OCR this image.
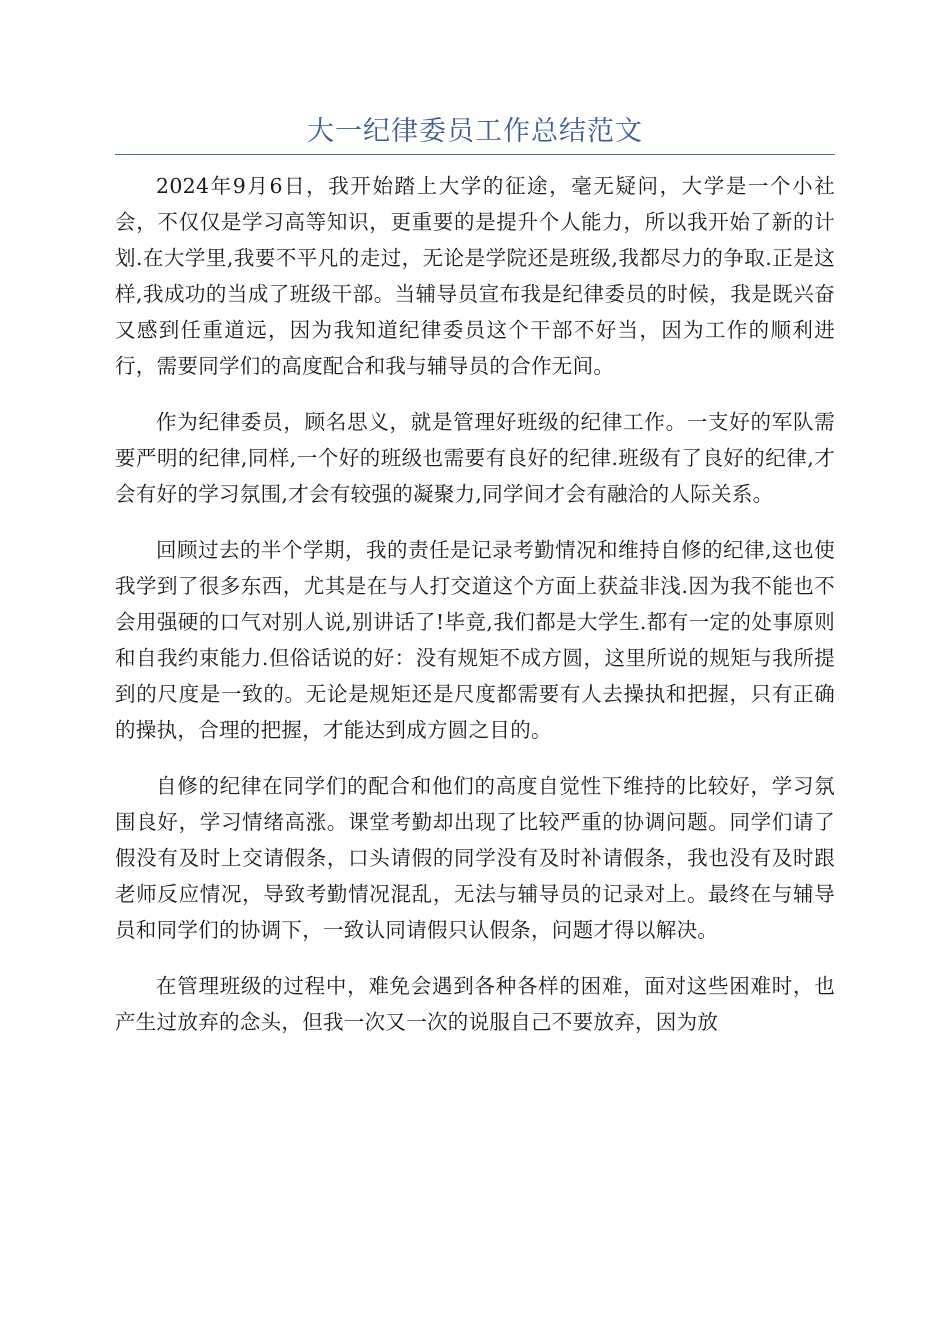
大一纪律委员工作总结范文

2024年9月6日，我开始踏上大学的征途，毫无疑问，大学是一个小社会，不仅仅是学习高等知识，更重要的是提升个人能力，所以我开始了新的计划.在大学里,我要不平凡的走过，无论是学院还是班级,我都尽力的争取.正是这样,我成功的当成了班级干部。当辅导员宣布我是纪律委员的时候，我是既兴奋又感到任重道远，因为我知道纪律委员这个干部不好当，因为工作的顺利进行，需要同学们的高度配合和我与辅导员的合作无间。

作为纪律委员，顾名思义，就是管理好班级的纪律工作。一支好的军队需要严明的纪律,同样,一个好的班级也需要有良好的纪律.班级有了良好的纪律,才会有好的学习氛围,才会有较强的凝聚力,同学间才会有融洽的人际关系。

回顾过去的半个学期，我的责任是记录考勤情况和维持自修的纪律,这也使我学到了很多东西，尤其是在与人打交道这个方面上获益非浅.因为我不能也不会用强硬的口气对别人说,别讲话了!毕竟,我们都是大学生.都有一定的处事原则和自我约束能力.但俗话说的好：没有规矩不成方圆，这里所说的规矩与我所提到的尺度是一致的。无论是规矩还是尺度都需要有人去操执和把握，只有正确的操执，合理的把握，才能达到成方圆之目的。

自修的纪律在同学们的配合和他们的高度自觉性下维持的比较好，学习氛围良好，学习情绪高涨。课堂考勤却出现了比较严重的协调问题。同学们请了假没有及时上交请假条，口头请假的同学没有及时补请假条，我也没有及时跟老师反应情况，导致考勤情况混乱，无法与辅导员的记录对上。最终在与辅导员和同学们的协调下，一致认同请假只认假条，问题才得以解决。

在管理班级的过程中，难免会遇到各种各样的困难，面对这些困难时，也产生过放弃的念头，但我一次又一次的说服自己不要放弃，因为放
